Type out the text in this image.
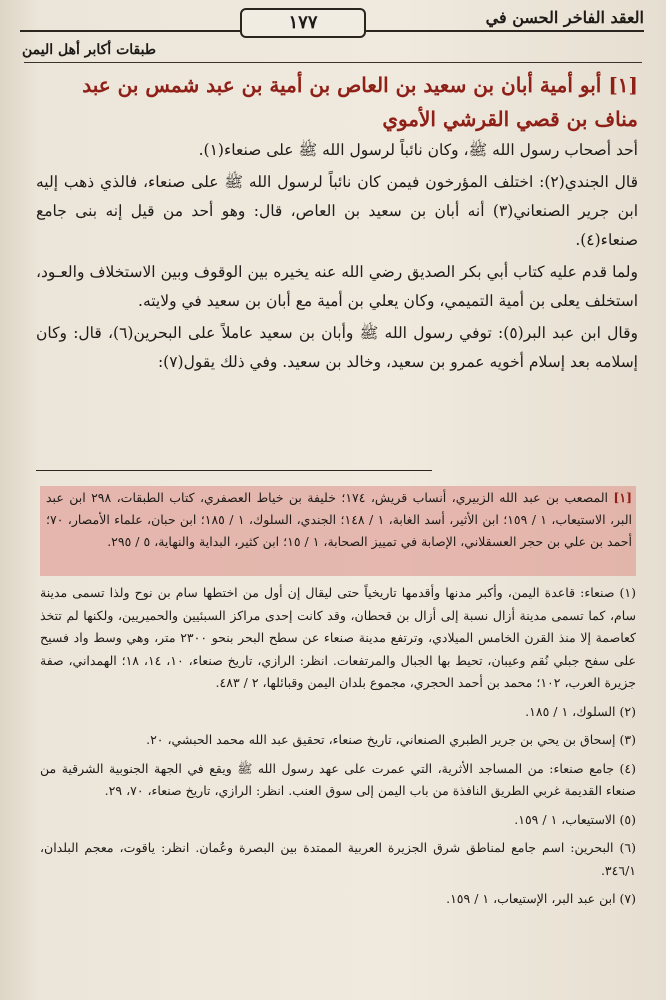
العقد الفاخر الحسن في
١٧٧
طبقات أكابر أهل اليمن

[١] أبو أمية أبان بن سعيد بن العاص بن أمية بن عبد شمس بن عبد مناف بن قصي القرشي الأموي

أحد أصحاب رسول الله ﷺ، وكان نائباً لرسول الله ﷺ على صنعاء(١).

قال الجندي(٢): اختلف المؤرخون فيمن كان نائباً لرسول الله ﷺ على صنعاء، فالذي ذهب إليه ابن جرير الصنعاني(٣) أنه أبان بن سعيد بن العاص، قال: وهو أحد من قيل إنه بنى جامع صنعاء(٤).

ولما قدم عليه كتاب أبي بكر الصديق رضي الله عنه يخيره بين الوقوف وبين الاستخلاف والعـود، استخلف يعلى بن أمية التميمي، وكان يعلي بن أمية مع أبان بن سعيد في ولايته.

وقال ابن عبد البر(٥): توفي رسول الله ﷺ وأبان بن سعيد عاملاً على البحرين(٦)، قال: وكان إسلامه بعد إسلام أخويه عمرو بن سعيد، وخالد بن سعيد. وفي ذلك يقول(٧):

[١] المصعب بن عبد الله الزبيري، أنساب قريش، ١٧٤؛ خليفة بن خياط العصفري، كتاب الطبقات، ٢٩٨ ابن عبد البر، الاستيعاب، ١ / ١٥٩؛ ابن الأثير، أسد الغابة، ١ / ١٤٨؛ الجندي، السلوك، ١ / ١٨٥؛ ابن حبان، علماء الأمصار، ٧٠؛ أحمد بن علي بن حجر العسقلاني، الإصابة في تمييز الصحابة، ١ / ١٥؛ ابن كثير، البداية والنهاية، ٥ / ٢٩٥.

(١) صنعاء: قاعدة اليمن، وأكبر مدنها وأقدمها تاريخياً حتى ليقال إن أول من اختطها سام بن نوح ولذا تسمى مدينة سام، كما تسمى مدينة أزال نسبة إلى أزال بن قحطان، وقد كانت إحدى مراكز السبئيين والحميريين، ولكنها لم تتخذ كعاصمة إلا منذ القرن الخامس الميلادي، وترتفع مدينة صنعاء عن سطح البحر بنحو ٢٣٠٠ متر، وهي وسط واد فسيح على سفح جبلي نُقم وعيبان، تحيط بها الجبال والمرتفعات. انظر: الرازي، تاريخ صنعاء، ١٠، ١٤، ١٨؛ الهمداني، صفة جزيرة العرب، ١٠٢؛ محمد بن أحمد الحجري، مجموع بلدان اليمن وقبائلها، ٢ / ٤٨٣.

(٢) السلوك، ١ / ١٨٥.

(٣) إسحاق بن يحي بن جرير الطبري الصنعاني، تاريخ صنعاء، تحقيق عبد الله محمد الحبشي، ٢٠.

(٤) جامع صنعاء: من المساجد الأثرية، التي عمرت على عهد رسول الله ﷺ ويقع في الجهة الجنوبية الشرقية من صنعاء القديمة غربي الطريق النافذة من باب اليمن إلى سوق العنب. انظر: الرازي، تاريخ صنعاء، ٧٠، ٢٩.

(٥) الاستيعاب، ١ / ١٥٩.

(٦) البحرين: اسم جامع لمناطق شرق الجزيرة العربية الممتدة بين البصرة وعُمان. انظر: ياقوت، معجم البلدان، ٣٤٦/١.

(٧) ابن عبد البر، الإستيعاب، ١ / ١٥٩.
